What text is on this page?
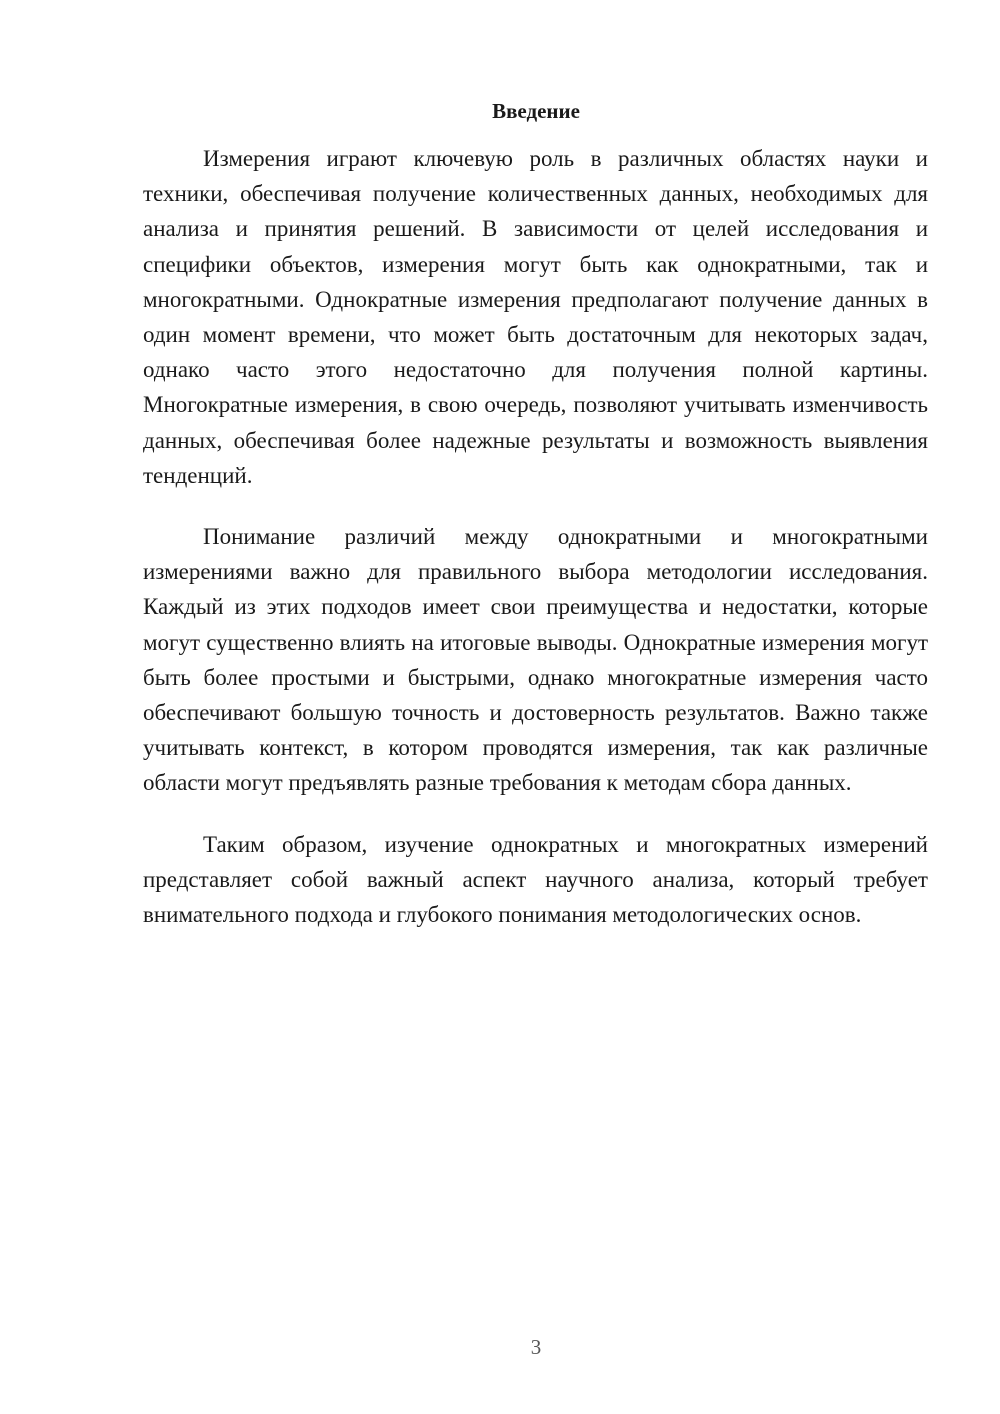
Введение

Измерения играют ключевую роль в различных областях науки и техники, обеспечивая получение количественных данных, необходимых для анализа и принятия решений. В зависимости от целей исследования и специфики объектов, измерения могут быть как однократными, так и многократными. Однократные измерения предполагают получение данных в один момент времени, что может быть достаточным для некоторых задач, однако часто этого недостаточно для получения полной картины. Многократные измерения, в свою очередь, позволяют учитывать изменчивость данных, обеспечивая более надежные результаты и возможность выявления тенденций.

Понимание различий между однократными и многократными измерениями важно для правильного выбора методологии исследования. Каждый из этих подходов имеет свои преимущества и недостатки, которые могут существенно влиять на итоговые выводы. Однократные измерения могут быть более простыми и быстрыми, однако многократные измерения часто обеспечивают большую точность и достоверность результатов. Важно также учитывать контекст, в котором проводятся измерения, так как различные области могут предъявлять разные требования к методам сбора данных.

Таким образом, изучение однократных и многократных измерений представляет собой важный аспект научного анализа, который требует внимательного подхода и глубокого понимания методологических основ.

3
